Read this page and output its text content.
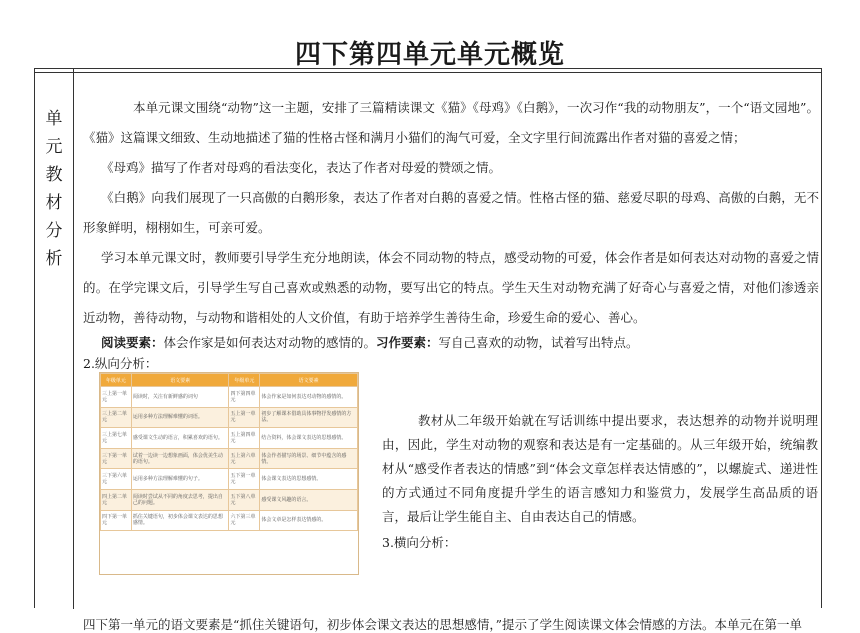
四下第四单元单元概览
单
元
教
材
分
析

本单元课文围绕“动物”这一主题，安排了三篇精读课文《猫》《母鸡》《白鹅》，一次习作“我的动物朋友”，一个“语文园地”。《猫》这篇课文细致、生动地描述了猫的性格古怪和满月小猫们的淘气可爱，全文字里行间流露出作者对猫的喜爱之情；

《母鸡》描写了作者对母鸡的看法变化，表达了作者对母爱的赞颂之情。

《白鹅》向我们展现了一只高傲的白鹅形象，表达了作者对白鹅的喜爱之情。性格古怪的猫、慈爱尽职的母鸡、高傲的白鹅，无不形象鲜明，栩栩如生，可亲可爱。

学习本单元课文时，教师要引导学生充分地朗读，体会不同动物的特点，感受动物的可爱，体会作者是如何表达对动物的喜爱之情的。在学完课文后，引导学生写自己喜欢或熟悉的动物，要写出它的特点。学生天生对动物充满了好奇心与喜爱之情，对他们渗透亲近动物，善待动物，与动物和谐相处的人文价值，有助于培养学生善待生命，珍爱生命的爱心、善心。

阅读要素：体会作家是如何表达对动物的感情的。习作要素：写自己喜欢的动物，试着写出特点。

2.纵向分析：

年级单元	语文要素	年级单元	语文要素
三上第一单元	阅读时，关注有新鲜感的词句	四下第四单元	体会作家是如何表达对动物的感情的。
三上第二单元	运用多种方法理解难懂的词语。	五上第一单元	初步了解课本借助具体事物抒发感情的方法。
三上第七单元	感受课文生动的语言，积累喜欢的语句。	五上第四单元	结合资料，体会课文表达的思想感情。
三下第一单元	试着一边读一边想象画面，体会优美生动的语句。	五上第六单元	体会作者描写的场景、细节中蕴含的感情。
三下第六单元	运用多种方法理解难懂的句子。	五下第一单元	体会课文表达的思想感情。
四上第二单元	阅读时尝试从不同的角度去思考，提出自己的问题。	五下第八单元	感受课文风趣的语言。
四下第一单元	抓住关键语句，初步体会课文表达的思想感情。	六下第三单元	体会文章是怎样表达情感的。
教材从二年级开始就在写话训练中提出要求，表达想养的动物并说明理由，因此，学生对动物的观察和表达是有一定基础的。从三年级开始，统编教材从“感受作者表达的情感”到“体会文章怎样表达情感的”，以螺旋式、递进性的方式通过不同角度提升学生的语言感知力和鉴赏力，发展学生高品质的语言，最后让学生能自主、自由表达自己的情感。
3.横向分析：
四下第一单元的语文要素是“抓住关键语句，初步体会课文表达的思想感情，”提示了学生阅读课文体会情感的方法。本单元在第一单
